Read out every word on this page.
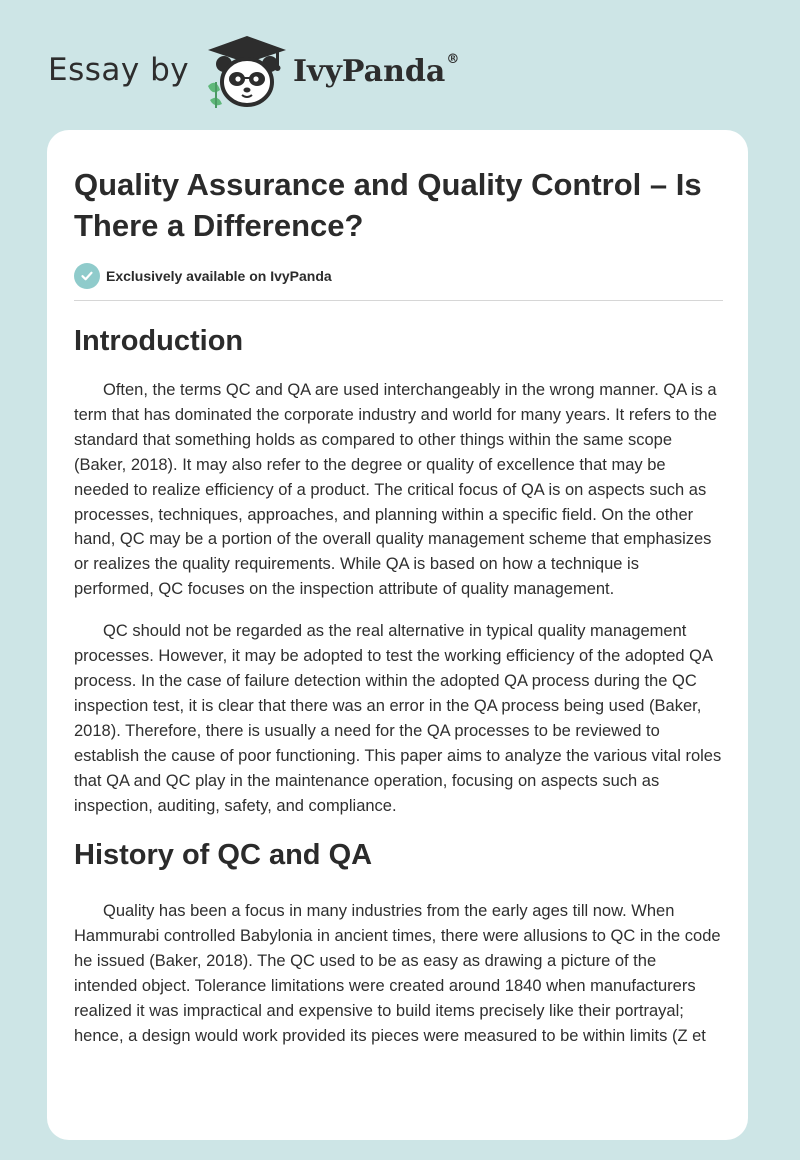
Essay by	IvyPanda®
Quality Assurance and Quality Control – Is There a Difference?
Exclusively available on IvyPanda
Introduction

Often, the terms QC and QA are used interchangeably in the wrong manner. QA is a term that has dominated the corporate industry and world for many years. It refers to the standard that something holds as compared to other things within the same scope (Baker, 2018). It may also refer to the degree or quality of excellence that may be needed to realize efficiency of a product. The critical focus of QA is on aspects such as processes, techniques, approaches, and planning within a specific field. On the other hand, QC may be a portion of the overall quality management scheme that emphasizes or realizes the quality requirements. While QA is based on how a technique is performed, QC focuses on the inspection attribute of quality management.

QC should not be regarded as the real alternative in typical quality management processes. However, it may be adopted to test the working efficiency of the adopted QA process. In the case of failure detection within the adopted QA process during the QC inspection test, it is clear that there was an error in the QA process being used (Baker, 2018). Therefore, there is usually a need for the QA processes to be reviewed to establish the cause of poor functioning. This paper aims to analyze the various vital roles that QA and QC play in the maintenance operation, focusing on aspects such as inspection, auditing, safety, and compliance.

History of QC and QA

Quality has been a focus in many industries from the early ages till now. When Hammurabi controlled Babylonia in ancient times, there were allusions to QC in the code he issued (Baker, 2018). The QC used to be as easy as drawing a picture of the intended object. Tolerance limitations were created around 1840 when manufacturers realized it was impractical and expensive to build items precisely like their portrayal; hence, a design would work provided its pieces were measured to be within limits (Z et
